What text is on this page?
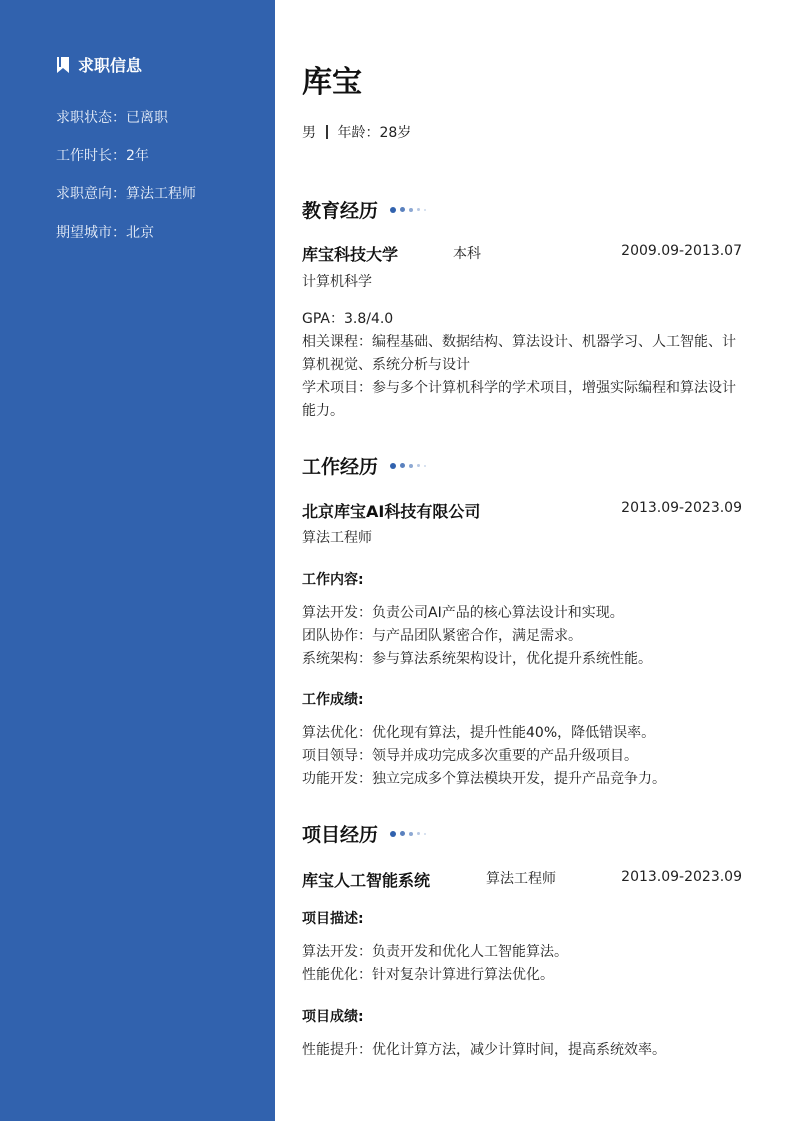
求职信息
求职状态：已离职
工作时长：2年
求职意向：算法工程师
期望城市：北京
库宝
男 年龄：28岁
教育经历
库宝科技大学	本科	2009.09-2013.07
计算机科学
GPA：3.8/4.0
相关课程：编程基础、数据结构、算法设计、机器学习、人工智能、计
算机视觉、系统分析与设计
学术项目：参与多个计算机科学的学术项目，增强实际编程和算法设计
能力。
工作经历
北京库宝AI科技有限公司	2013.09-2023.09
算法工程师
工作内容:
算法开发：负责公司AI产品的核心算法设计和实现。
团队协作：与产品团队紧密合作，满足需求。
系统架构：参与算法系统架构设计，优化提升系统性能。
工作成绩:
算法优化：优化现有算法，提升性能40%，降低错误率。
项目领导：领导并成功完成多次重要的产品升级项目。
功能开发：独立完成多个算法模块开发，提升产品竞争力。
项目经历
库宝人工智能系统	算法工程师	2013.09-2023.09
项目描述:
算法开发：负责开发和优化人工智能算法。
性能优化：针对复杂计算进行算法优化。
项目成绩:
性能提升：优化计算方法，减少计算时间，提高系统效率。
